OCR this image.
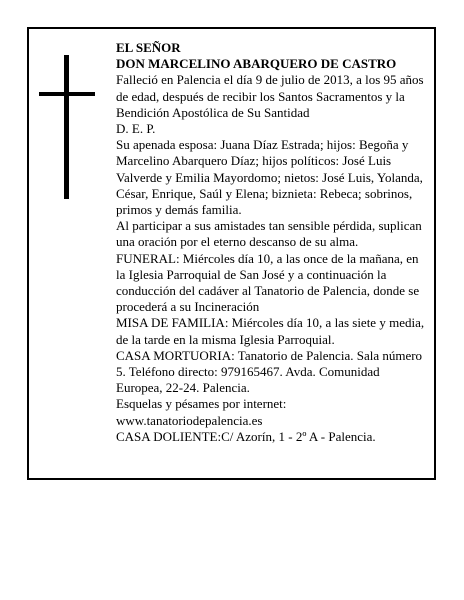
EL SEÑOR

DON MARCELINO ABARQUERO DE CASTRO

Falleció en Palencia el día 9 de julio de 2013, a los 95 años de edad, después de recibir los Santos Sacramentos y la Bendición Apostólica de Su Santidad

D. E. P.

Su apenada esposa: Juana Díaz Estrada; hijos: Begoña y Marcelino Abarquero Díaz; hijos políticos: José Luis Valverde y Emilia Mayordomo; nietos: José Luis, Yolanda, César, Enrique, Saúl y Elena; biznieta: Rebeca; sobrinos, primos y demás familia.

Al participar a sus amistades tan sensible pérdida, suplican una oración por el eterno descanso de su alma.

FUNERAL: Miércoles día 10, a las once de la mañana, en la Iglesia Parroquial de San José y a continuación la conducción del cadáver al Tanatorio de Palencia, donde se procederá a su Incineración

MISA DE FAMILIA: Miércoles día 10, a las siete y media, de la tarde en la misma Iglesia Parroquial.

CASA MORTUORIA: Tanatorio de Palencia. Sala número 5. Teléfono directo: 979165467. Avda. Comunidad Europea, 22-24. Palencia.

Esquelas y pésames por internet:

www.tanatoriodepalencia.es

CASA DOLIENTE:C/ Azorín, 1 - 2º A - Palencia.
